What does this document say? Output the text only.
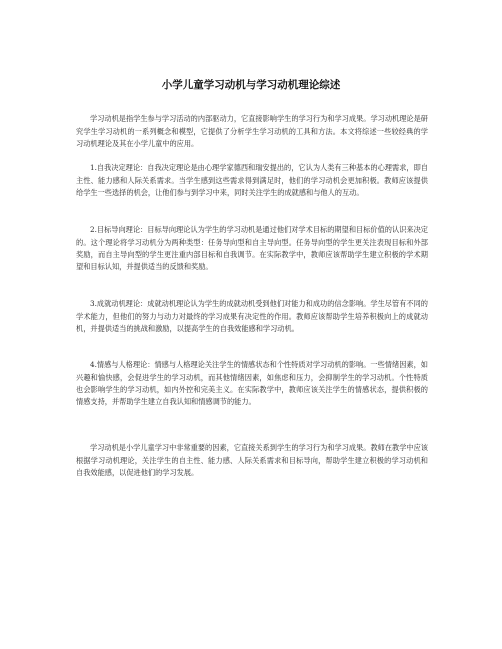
小学儿童学习动机与学习动机理论综述

学习动机是指学生参与学习活动的内部驱动力，它直接影响学生的学习行为和学习成果。学习动机理论是研究学生学习动机的一系列概念和模型，它提供了分析学生学习动机的工具和方法。本文将综述一些较经典的学习动机理论及其在小学儿童中的应用。

1.自我决定理论：自我决定理论是由心理学家德西和瑞安提出的，它认为人类有三种基本的心理需求，即自主性、能力感和人际关系需求。当学生感到这些需求得到满足时，他们的学习动机会更加积极。教师应该提供给学生一些选择的机会，让他们参与到学习中来，同时关注学生的成就感和与他人的互动。

2.目标导向理论：目标导向理论认为学生的学习动机是通过他们对学术目标的期望和目标价值的认识来决定的。这个理论将学习动机分为两种类型：任务导向型和自主导向型。任务导向型的学生更关注表现目标和外部奖励，而自主导向型的学生更注重内部目标和自我调节。在实际教学中，教师应该帮助学生建立积极的学术期望和目标认知，并提供适当的反馈和奖励。

3.成就动机理论：成就动机理论认为学生的成就动机受到他们对能力和成功的信念影响。学生尽管有不同的学术能力，但他们的努力与动力对最终的学习成果有决定性的作用。教师应该帮助学生培养积极向上的成就动机，并提供适当的挑战和激励，以提高学生的自我效能感和学习动机。

4.情感与人格理论：情感与人格理论关注学生的情感状态和个性特质对学习动机的影响。一些情绪因素，如兴趣和愉快感，会促进学生的学习动机，而其他情绪因素，如焦虑和压力，会抑制学生的学习动机。个性特质也会影响学生的学习动机，如内外控和完美主义。在实际教学中，教师应该关注学生的情感状态，提供积极的情感支持，并帮助学生建立自我认知和情感调节的能力。

学习动机是小学儿童学习中非常重要的因素，它直接关系到学生的学习行为和学习成果。教师在教学中应该根据学习动机理论，关注学生的自主性、能力感、人际关系需求和目标导向，帮助学生建立积极的学习动机和自我效能感，以促进他们的学习发展。
